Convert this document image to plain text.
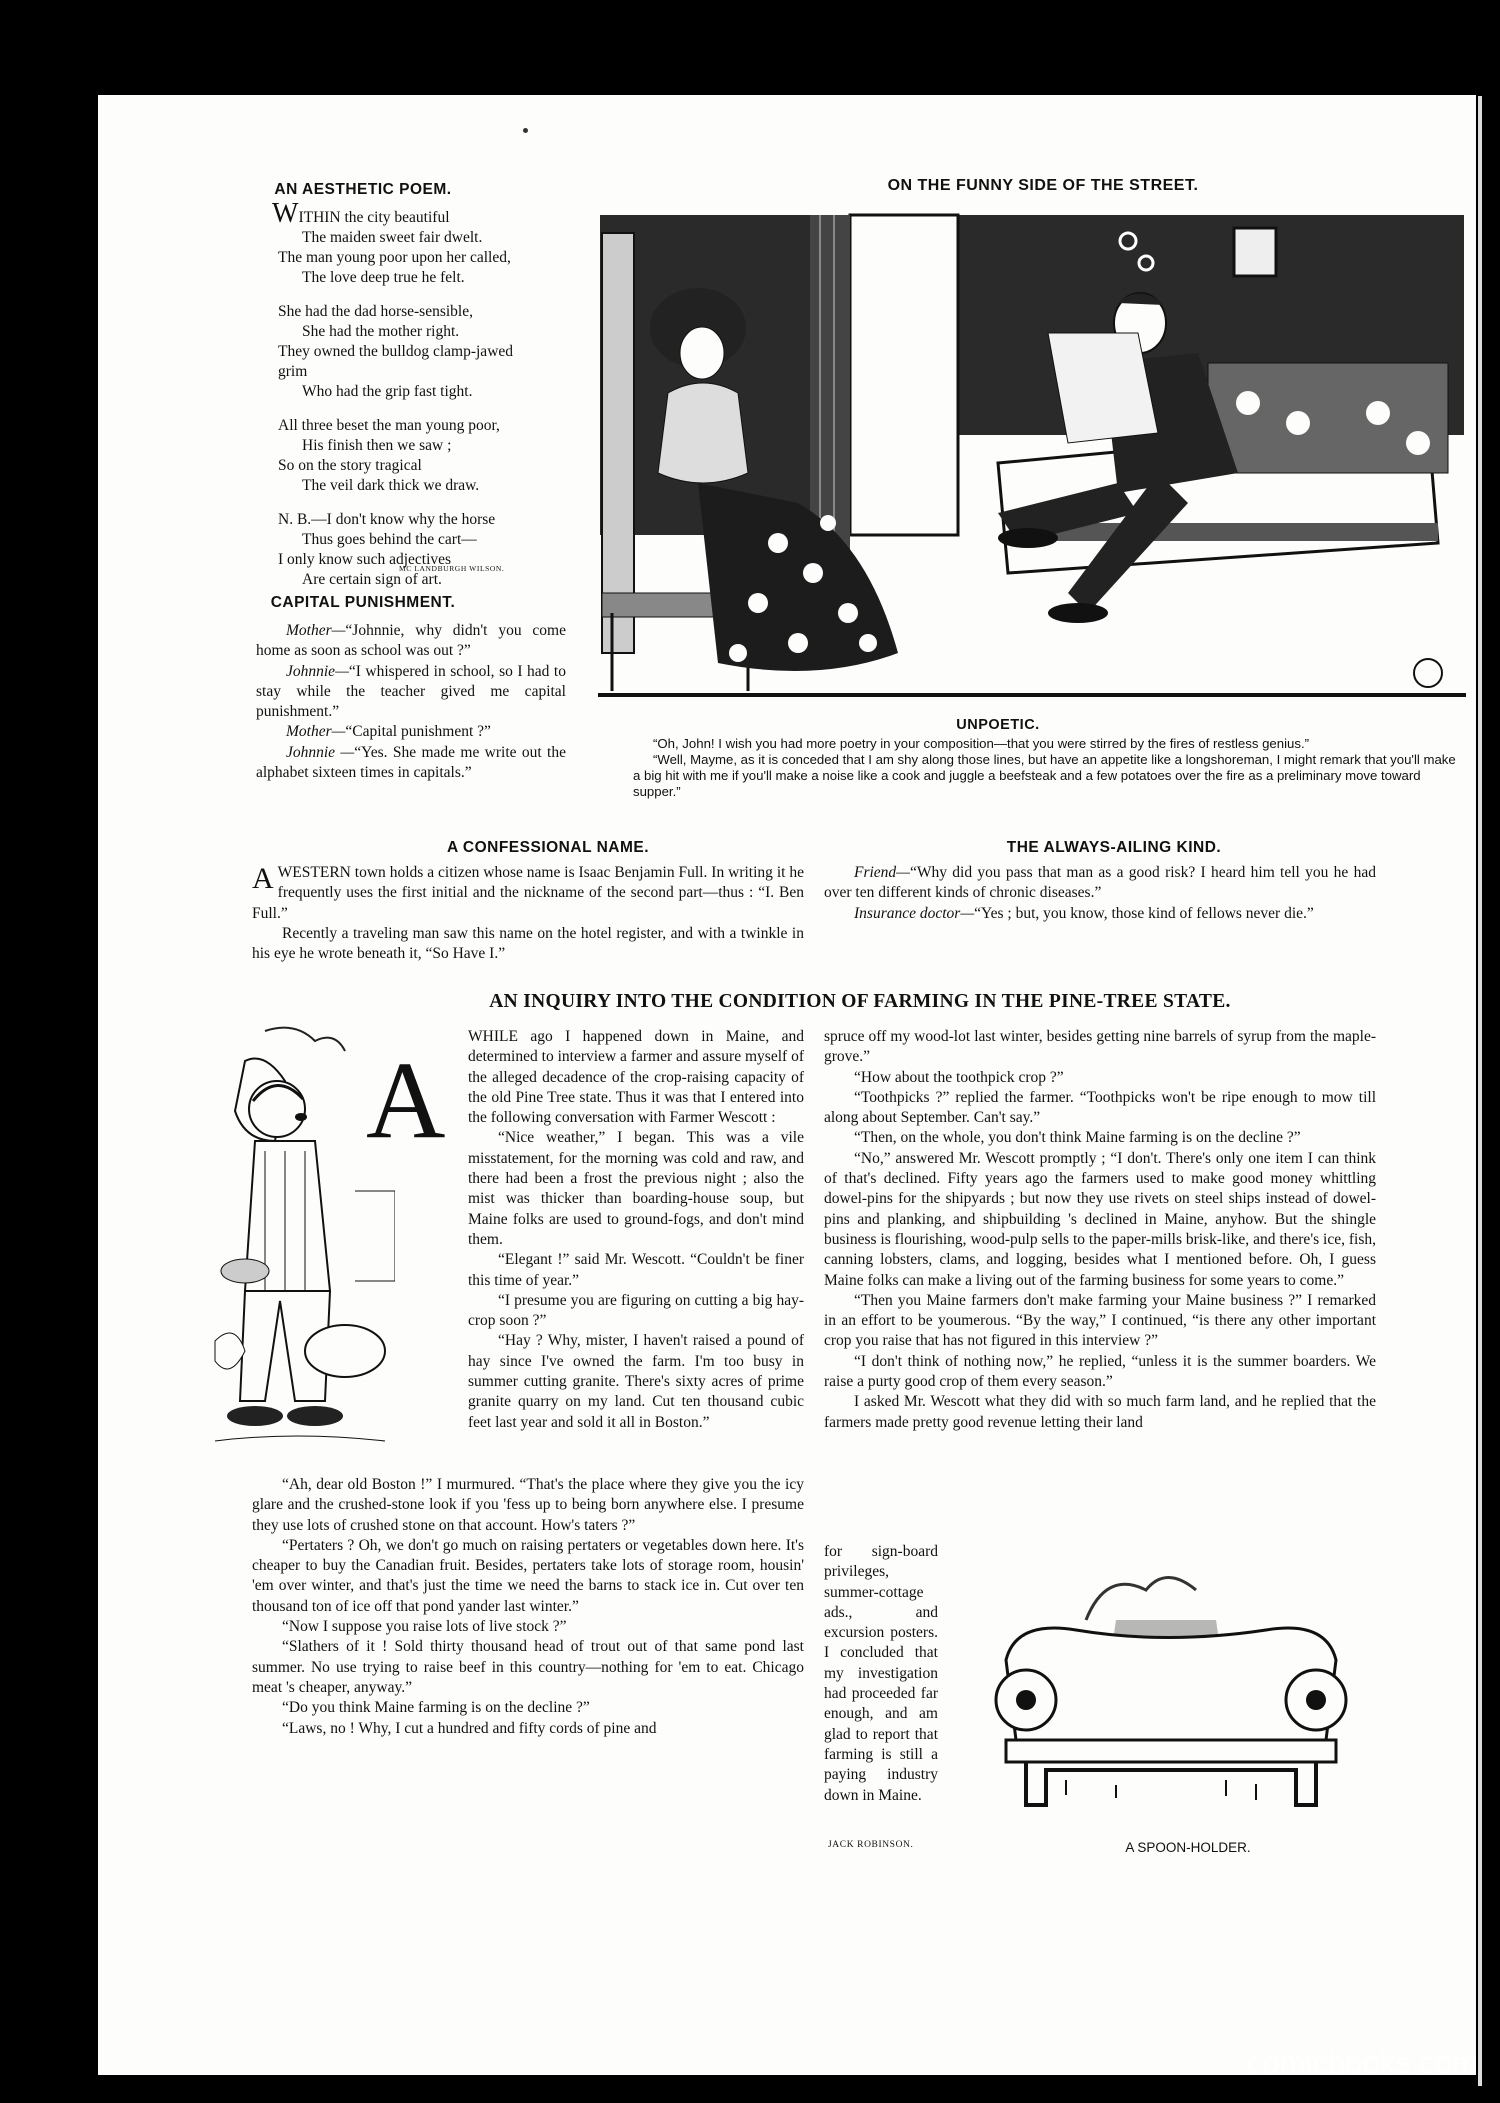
AN AESTHETIC POEM.

WITHIN the city beautiful

The maiden sweet fair dwelt.

The man young poor upon her called,

The love deep true he felt.

She had the dad horse-sensible,

She had the mother right.

They owned the bulldog clamp-jawed grim

Who had the grip fast tight.

All three beset the man young poor,

His finish then we saw ;

So on the story tragical

The veil dark thick we draw.

N. B.—I don't know why the horse

Thus goes behind the cart—

I only know such adjectives

Are certain sign of art.

MC LANDBURGH WILSON.
CAPITAL PUNISHMENT.

Mother—“Johnnie, why didn't you come home as soon as school was out ?”

Johnnie—“I whispered in school, so I had to stay while the teacher gived me capital punishment.”

Mother—“Capital punishment ?”

Johnnie —“Yes. She made me write out the alphabet sixteen times in capitals.”

ON THE FUNNY SIDE OF THE STREET.
UNPOETIC.
“Oh, John! I wish you had more poetry in your composition—that you were stirred by the fires of restless genius.”
“Well, Mayme, as it is conceded that I am shy along those lines, but have an appetite like a longshoreman, I might remark that you'll make a big hit with me if you'll make a noise like a cook and juggle a beefsteak and a few potatoes over the fire as a preliminary move toward supper.”
A CONFESSIONAL NAME.

AWESTERN town holds a citizen whose name is Isaac Benjamin Full. In writing it he frequently uses the first initial and the nickname of the second part—thus : “I. Ben Full.”

Recently a traveling man saw this name on the hotel register, and with a twinkle in his eye he wrote beneath it, “So Have I.”

THE ALWAYS-AILING KIND.

Friend—“Why did you pass that man as a good risk? I heard him tell you he had over ten different kinds of chronic diseases.”

Insurance doctor—“Yes ; but, you know, those kind of fellows never die.”

AN INQUIRY INTO THE CONDITION OF FARMING IN THE PINE-TREE STATE.
A

WHILE ago I happened down in Maine, and determined to interview a farmer and assure myself of the alleged decadence of the crop-raising capacity of the old Pine Tree state. Thus it was that I entered into the following conversation with Farmer Wescott :

“Nice weather,” I began. This was a vile misstatement, for the morning was cold and raw, and there had been a frost the previous night ; also the mist was thicker than boarding-house soup, but Maine folks are used to ground-fogs, and don't mind them.

“Elegant !” said Mr. Wescott. “Couldn't be finer this time of year.”

“I presume you are figuring on cutting a big hay-crop soon ?”

“Hay ? Why, mister, I haven't raised a pound of hay since I've owned the farm. I'm too busy in summer cutting granite. There's sixty acres of prime granite quarry on my land. Cut ten thousand cubic feet last year and sold it all in Boston.”

“Ah, dear old Boston !” I murmured. “That's the place where they give you the icy glare and the crushed-stone look if you 'fess up to being born anywhere else. I presume they use lots of crushed stone on that account. How's taters ?”

“Pertaters ? Oh, we don't go much on raising pertaters or vegetables down here. It's cheaper to buy the Canadian fruit. Besides, pertaters take lots of storage room, housin' 'em over winter, and that's just the time we need the barns to stack ice in. Cut over ten thousand ton of ice off that pond yander last winter.”

“Now I suppose you raise lots of live stock ?”

“Slathers of it ! Sold thirty thousand head of trout out of that same pond last summer. No use trying to raise beef in this country—nothing for 'em to eat. Chicago meat 's cheaper, anyway.”

“Do you think Maine farming is on the decline ?”

“Laws, no ! Why, I cut a hundred and fifty cords of pine and

spruce off my wood-lot last winter, besides getting nine barrels of syrup from the maple-grove.”

“How about the toothpick crop ?”

“Toothpicks ?” replied the farmer. “Toothpicks won't be ripe enough to mow till along about September. Can't say.”

“Then, on the whole, you don't think Maine farming is on the decline ?”

“No,” answered Mr. Wescott promptly ; “I don't. There's only one item I can think of that's declined. Fifty years ago the farmers used to make good money whittling dowel-pins for the shipyards ; but now they use rivets on steel ships instead of dowel-pins and planking, and shipbuilding 's declined in Maine, anyhow. But the shingle business is flourishing, wood-pulp sells to the paper-mills brisk-like, and there's ice, fish, canning lobsters, clams, and logging, besides what I mentioned before. Oh, I guess Maine folks can make a living out of the farming business for some years to come.”

“Then you Maine farmers don't make farming your Maine business ?” I remarked in an effort to be youmerous. “By the way,” I continued, “is there any other important crop you raise that has not figured in this interview ?”

“I don't think of nothing now,” he replied, “unless it is the summer boarders. We raise a purty good crop of them every season.”

I asked Mr. Wescott what they did with so much farm land, and he replied that the farmers made pretty good revenue letting their land

for sign-board privileges, summer-cottage ads., and excursion posters. I concluded that my investigation had proceeded far enough, and am glad to report that farming is still a paying industry down in Maine.

JACK ROBINSON.	A SPOON-HOLDER.
comicbooks.com
